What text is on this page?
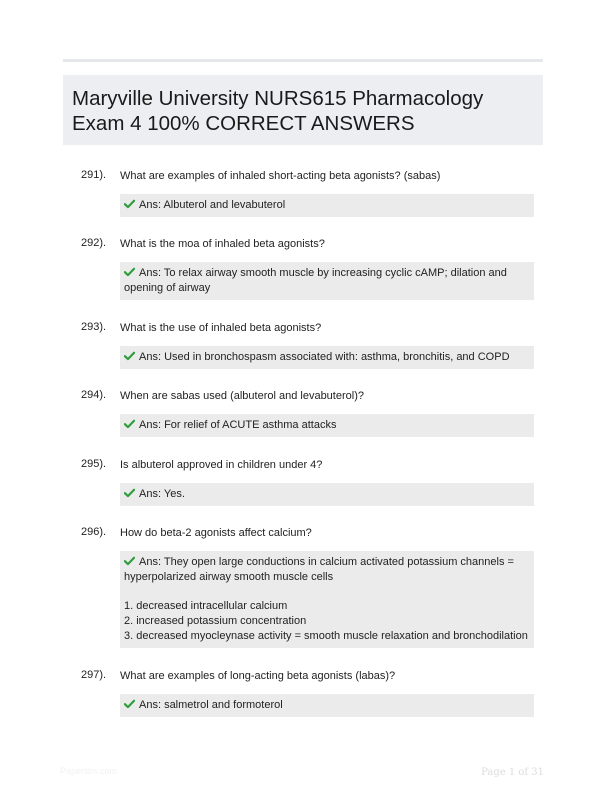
Maryville University NURS615 Pharmacology
Exam 4 100% CORRECT ANSWERS
291). What are examples of inhaled short-acting beta agonists? (sabas)
Ans: Albuterol and levabuterol
292). What is the moa of inhaled beta agonists?
Ans: To relax airway smooth muscle by increasing cyclic cAMP; dilation and opening of airway
293). What is the use of inhaled beta agonists?
Ans: Used in bronchospasm associated with: asthma, bronchitis, and COPD
294). When are sabas used (albuterol and levabuterol)?
Ans: For relief of ACUTE asthma attacks
295). Is albuterol approved in children under 4?
Ans: Yes.
296). How do beta-2 agonists affect calcium?

Ans: They open large conductions in calcium activated potassium channels = hyperpolarized airway smooth muscle cells

1. decreased intracellular calcium

2. increased potassium concentration

3. decreased myocleynase activity = smooth muscle relaxation and bronchodilation

297). What are examples of long-acting beta agonists (labas)?
Ans: salmetrol and formoterol
Paperlibs.com	Page 1 of 31
